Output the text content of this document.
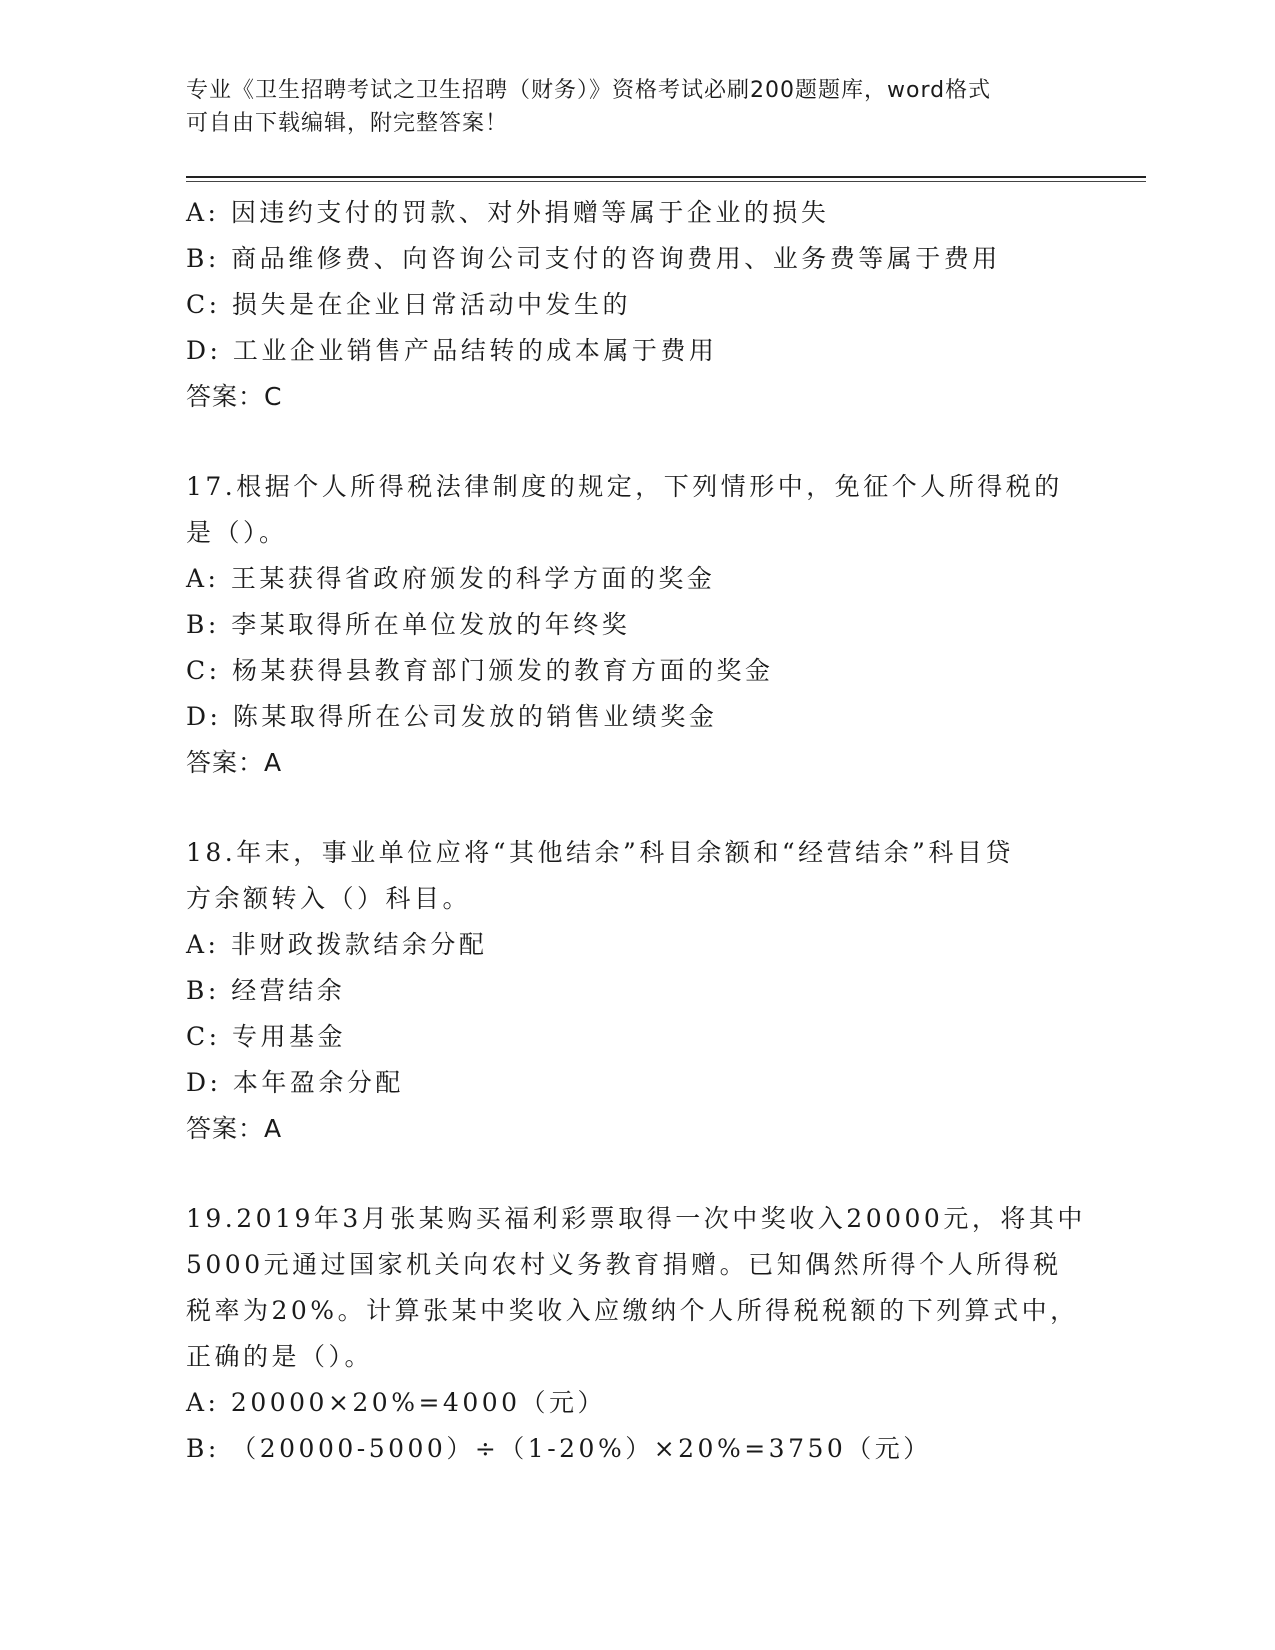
专业《卫生招聘考试之卫生招聘（财务）》资格考试必刷200题题库，word格式
可自由下载编辑，附完整答案！
A: 因违约支付的罚款、对外捐赠等属于企业的损失
B: 商品维修费、向咨询公司支付的咨询费用、业务费等属于费用
C: 损失是在企业日常活动中发生的
D: 工业企业销售产品结转的成本属于费用
答案：C
17.根据个人所得税法律制度的规定，下列情形中，免征个人所得税的
是（）。
A: 王某获得省政府颁发的科学方面的奖金
B: 李某取得所在单位发放的年终奖
C: 杨某获得县教育部门颁发的教育方面的奖金
D: 陈某取得所在公司发放的销售业绩奖金
答案：A
18.年末，事业单位应将“其他结余”科目余额和“经营结余”科目贷
方余额转入（）科目。
A: 非财政拨款结余分配
B: 经营结余
C: 专用基金
D: 本年盈余分配
答案：A
19.2019年3月张某购买福利彩票取得一次中奖收入20000元，将其中
5000元通过国家机关向农村义务教育捐赠。已知偶然所得个人所得税
税率为20%。计算张某中奖收入应缴纳个人所得税税额的下列算式中，
正确的是（）。
A: 20000×20%=4000（元）
B: （20000-5000）÷（1-20%）×20%=3750（元）
